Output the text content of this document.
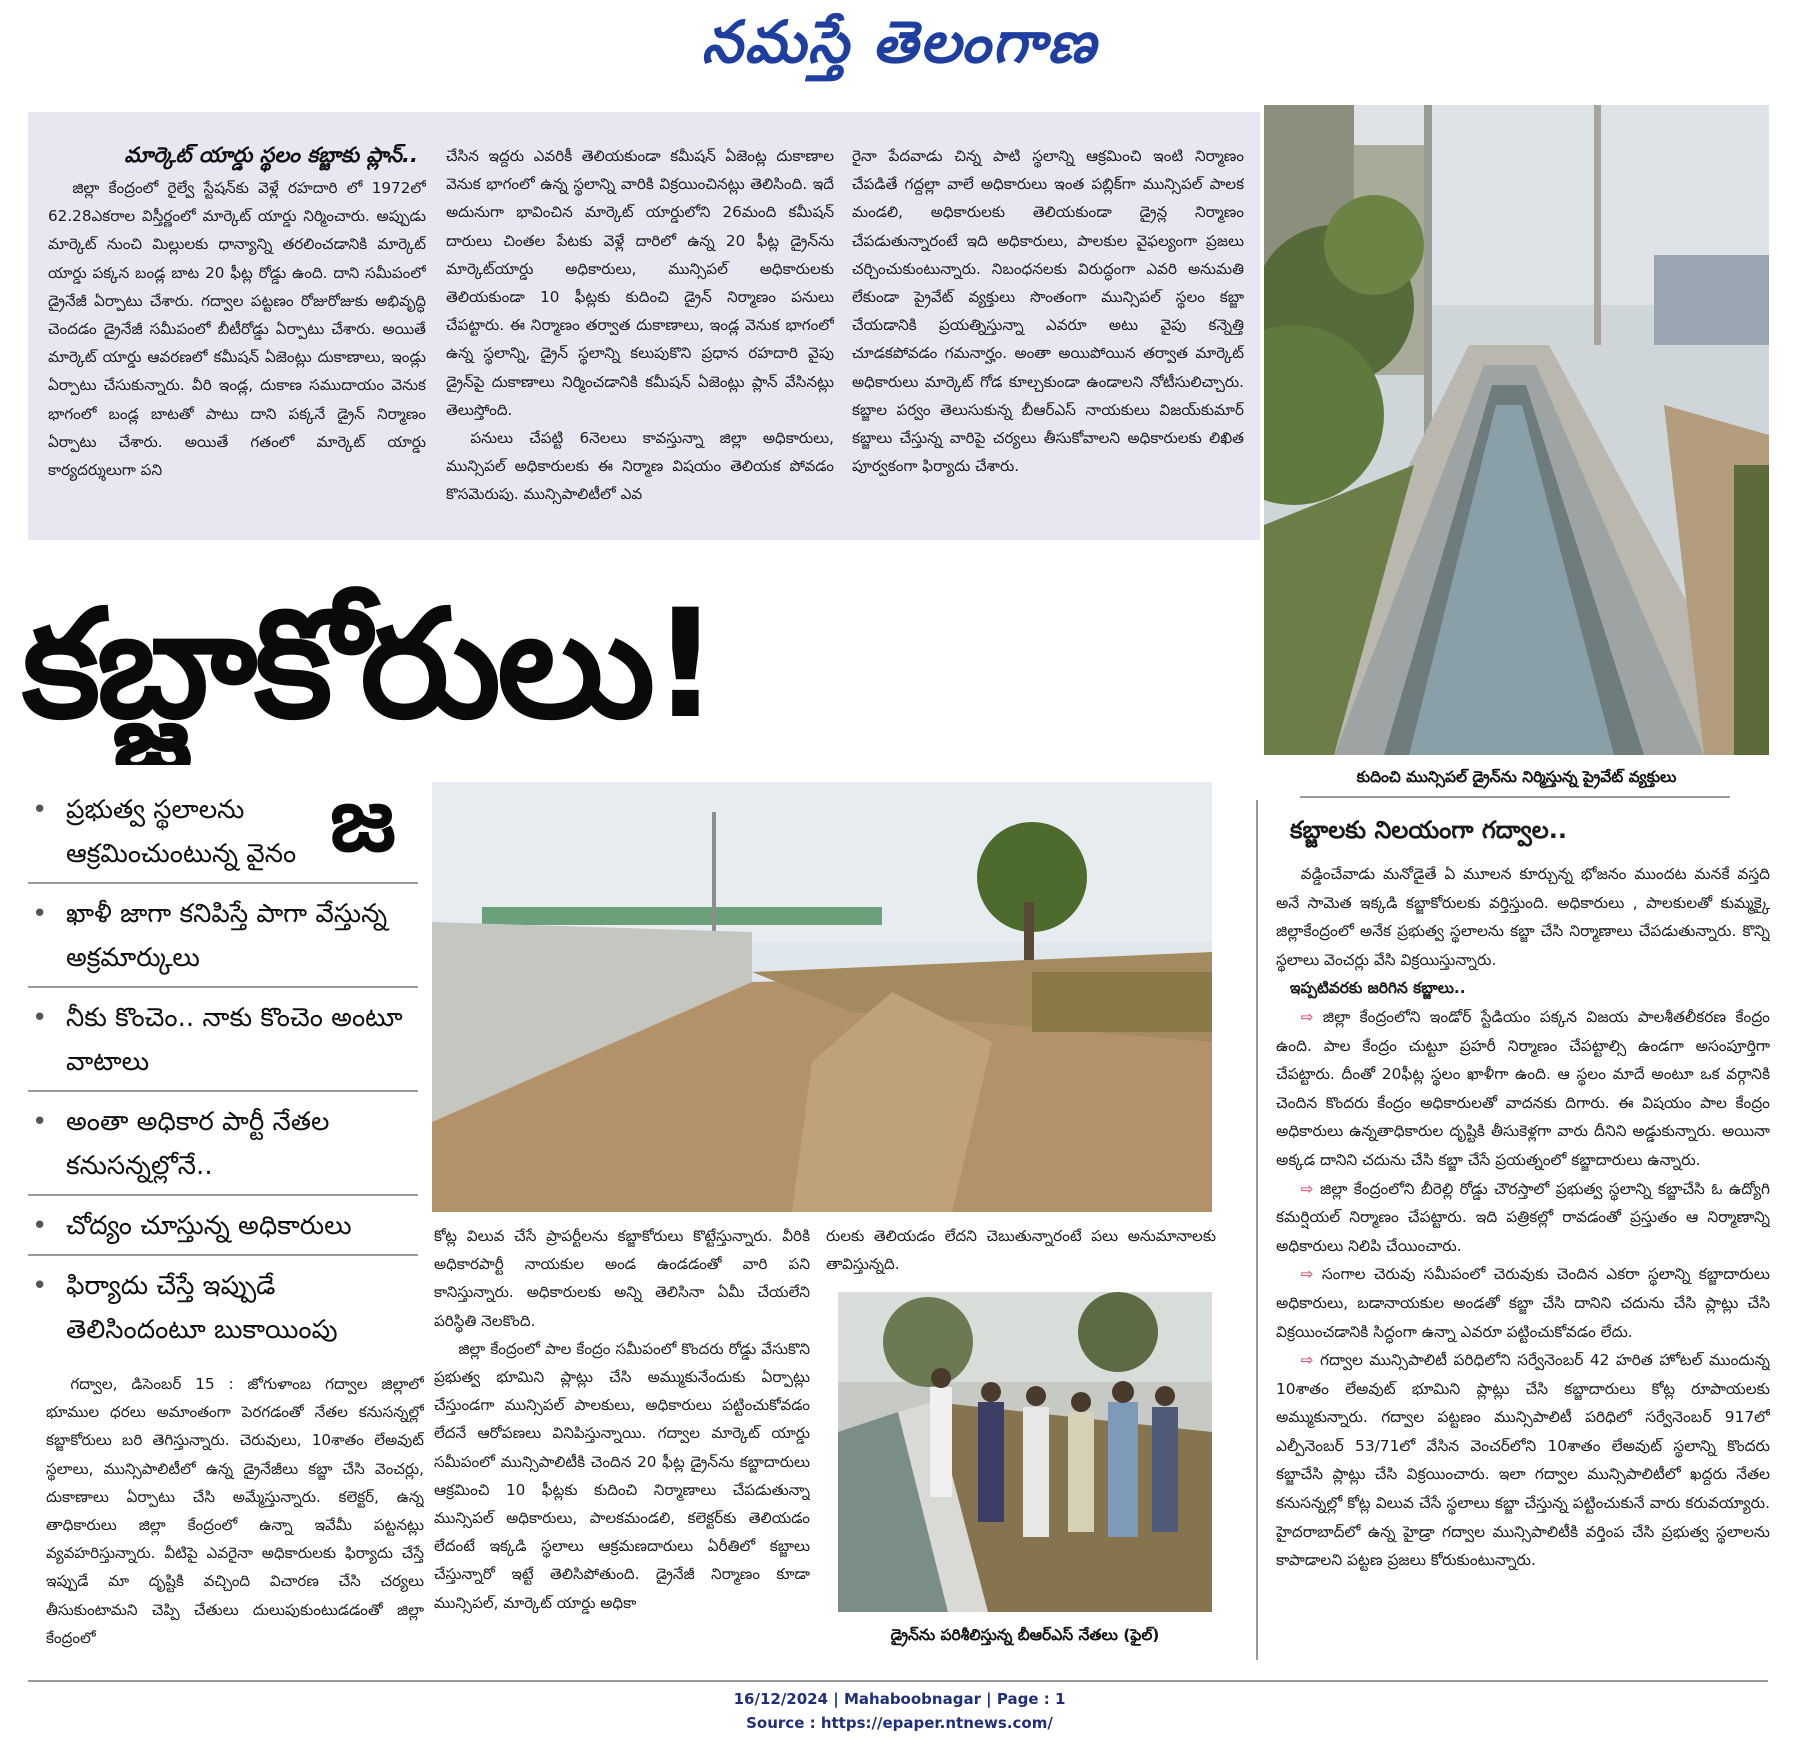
నమస్తే తెలంగాణ
మార్కెట్ యార్డు స్థలం కబ్జాకు ప్లాన్..

జిల్లా కేంద్రంలో రైల్వే స్టేషన్‌కు వెళ్లే రహదారి లో 1972లో 62.28ఎకరాల విస్తీర్ణంలో మార్కెట్ యార్డు నిర్మించారు. అప్పుడు మార్కెట్ నుంచి మిల్లులకు ధాన్యాన్ని తరలించడానికి మార్కెట్ యార్డు పక్కన బండ్ల బాట 20 ఫీట్ల రోడ్డు ఉంది. దాని సమీపంలో డ్రైనేజీ ఏర్పాటు చేశారు. గద్వాల పట్టణం రోజురోజుకు అభివృద్ధి చెందడం డ్రైనేజీ సమీపంలో బీటీరోడ్డు ఏర్పాటు చేశారు. అయితే మార్కెట్ యార్డు ఆవరణలో కమీషన్ ఏజెంట్లు దుకాణాలు, ఇండ్లు ఏర్పాటు చేసుకున్నారు. వీరి ఇండ్ల, దుకాణ సముదాయం వెనుక భాగంలో బండ్ల బాటతో పాటు దాని పక్కనే డ్రైన్ నిర్మాణం ఏర్పాటు చేశారు. అయితే గతంలో మార్కెట్ యార్డు కార్యదర్శులుగా పని

చేసిన ఇద్దరు ఎవరికీ తెలియకుండా కమీషన్ ఏజెంట్ల దుకాణాల వెనుక భాగంలో ఉన్న స్థలాన్ని వారికి విక్రయించినట్లు తెలిసింది. ఇదే అదునుగా భావించిన మార్కెట్ యార్డులోని 26మంది కమీషన్ దారులు చింతల పేటకు వెళ్లే దారిలో ఉన్న 20 ఫీట్ల డ్రైన్‌ను మార్కెట్‌యార్డు అధికారులు, మున్సిపల్ అధికారులకు తెలియకుండా 10 ఫీట్లకు కుదించి డ్రైన్ నిర్మాణం పనులు చేపట్టారు. ఈ నిర్మాణం తర్వాత దుకాణాలు, ఇండ్ల వెనుక భాగంలో ఉన్న స్థలాన్ని, డ్రైన్ స్థలాన్ని కలుపుకొని ప్రధాన రహదారి వైపు డ్రైన్‌పై దుకాణాలు నిర్మించడానికి కమీషన్ ఏజెంట్లు ప్లాన్ వేసినట్లు తెలుస్తోంది.

పనులు చేపట్టి 6నెలలు కావస్తున్నా జిల్లా అధికారులు, మున్సిపల్ అధికారులకు ఈ నిర్మాణ విషయం తెలియక పోవడం కొసమెరుపు. మున్సిపాలిటీలో ఎవ

రైనా పేదవాడు చిన్న పాటి స్థలాన్ని ఆక్రమించి ఇంటి నిర్మాణం చేపడితే గద్దల్లా వాలే అధికారులు ఇంత పబ్లిక్‌గా మున్సిపల్ పాలక మండలి, అధికారులకు తెలియకుండా డ్రైన్ల నిర్మాణం చేపడుతున్నారంటే ఇది అధికారులు, పాలకుల వైఫల్యంగా ప్రజలు చర్చించుకుంటున్నారు. నిబంధనలకు విరుద్ధంగా ఎవరి అనుమతి లేకుండా ప్రైవేట్ వ్యక్తులు సొంతంగా మున్సిపల్ స్థలం కబ్జా చేయడానికి ప్రయత్నిస్తున్నా ఎవరూ అటు వైపు కన్నెత్తి చూడకపోవడం గమనార్హం. అంతా అయిపోయిన తర్వాత మార్కెట్ అధికారులు మార్కెట్ గోడ కూల్చకుండా ఉండాలని నోటీసులిచ్చారు. కబ్జాల పర్వం తెలుసుకున్న బీఆర్‌ఎస్ నాయకులు విజయ్‌కుమార్ కబ్జాలు చేస్తున్న వారిపై చర్యలు తీసుకోవాలని అధికారులకు లిఖిత పూర్వకంగా ఫిర్యాదు చేశారు.

కుదించి మున్సిపల్ డ్రైన్‌ను నిర్మిస్తున్న ప్రైవేట్ వ్యక్తులు
కబ్జాకోరులు!
జ
• ప్రభుత్వ స్థలాలను ఆక్రమించుంటున్న వైనం
• ఖాళీ జాగా కనిపిస్తే పాగా వేస్తున్న అక్రమార్కులు
• నీకు కొంచెం.. నాకు కొంచెం అంటూ వాటాలు
• అంతా అధికార పార్టీ నేతల కనుసన్నల్లోనే..
• చోద్యం చూస్తున్న అధికారులు
• ఫిర్యాదు చేస్తే ఇప్పుడే తెలిసిందంటూ బుకాయింపు

గద్వాల, డిసెంబర్ 15 : జోగుళాంబ గద్వాల జిల్లాలో భూముల ధరలు అమాంతంగా పెరగడంతో నేతల కనుసన్నల్లో కబ్జాకోరులు బరి తెగిస్తున్నారు. చెరువులు, 10శాతం లేఅవుట్ స్థలాలు, మున్సిపాలిటీలో ఉన్న డ్రైనేజీలు కబ్జా చేసి వెంచర్లు, దుకాణాలు ఏర్పాటు చేసి అమ్మేస్తున్నారు. కలెక్టర్, ఉన్న తాధికారులు జిల్లా కేంద్రంలో ఉన్నా ఇవేమీ పట్టనట్లు వ్యవహరిస్తున్నారు. వీటిపై ఎవరైనా అధికారులకు ఫిర్యాదు చేస్తే ఇప్పుడే మా దృష్టికి వచ్చింది విచారణ చేసి చర్యలు తీసుకుంటామని చెప్పి చేతులు దులుపుకుంటుడడంతో జిల్లా కేంద్రంలో

కోట్ల విలువ చేసే ప్రాపర్టీలను కబ్జాకోరులు కొట్టేస్తున్నారు. వీరికి అధికారపార్టీ నాయకుల అండ ఉండడంతో వారి పని కానిస్తున్నారు. అధికారులకు అన్ని తెలిసినా ఏమీ చేయలేని పరిస్థితి నెలకొంది.

జిల్లా కేంద్రంలో పాల కేంద్రం సమీపంలో కొందరు రోడ్డు వేసుకొని ప్రభుత్వ భూమిని ప్లాట్లు చేసి అమ్ముకునేందుకు ఏర్పాట్లు చేస్తుండగా మున్సిపల్ పాలకులు, అధికారులు పట్టించుకోవడం లేదనే ఆరోపణలు వినిపిస్తున్నాయి. గద్వాల మార్కెట్ యార్డు సమీపంలో మున్సిపాలిటీకి చెందిన 20 ఫీట్ల డ్రైన్‌ను కబ్జాదారులు ఆక్రమించి 10 ఫీట్లకు కుదించి నిర్మాణాలు చేపడుతున్నా మున్సిపల్ అధికారులు, పాలకమండలి, కలెక్టర్‌కు తెలియడం లేదంటే ఇక్కడి స్థలాలు ఆక్రమణదారులు ఏరీతిలో కబ్జాలు చేస్తున్నారో ఇట్టే తెలిసిపోతుంది. డ్రైనేజీ నిర్మాణం కూడా మున్సిపల్, మార్కెట్ యార్డు అధికా

రులకు తెలియడం లేదని చెబుతున్నారంటే పలు అనుమానాలకు తావిస్తున్నది.

డ్రైన్‌ను పరిశీలిస్తున్న బీఆర్‌ఎస్ నేతలు (ఫైల్)
కబ్జాలకు నిలయంగా గద్వాల..

వడ్డించేవాడు మనోడైతే ఏ మూలన కూర్చున్న భోజనం ముందట మనకే వస్తది అనే సామెత ఇక్కడి కబ్జాకోరులకు వర్తిస్తుంది. అధికారులు , పాలకులతో కుమ్మక్కై జిల్లాకేంద్రంలో అనేక ప్రభుత్వ స్థలాలను కబ్జా చేసి నిర్మాణాలు చేపడుతున్నారు. కొన్ని స్థలాలు వెంచర్లు వేసి విక్రయిస్తున్నారు.

ఇప్పటివరకు జరిగిన కబ్జాలు..

⇨ జిల్లా కేంద్రంలోని ఇండోర్ స్టేడియం పక్కన విజయ పాలశీతలీకరణ కేంద్రం ఉంది. పాల కేంద్రం చుట్టూ ప్రహరీ నిర్మాణం చేపట్టాల్సి ఉండగా అసంపూర్తిగా చేపట్టారు. దీంతో 20ఫీట్ల స్థలం ఖాళీగా ఉంది. ఆ స్థలం మాదే అంటూ ఒక వర్గానికి చెందిన కొందరు కేంద్రం అధికారులతో వాదనకు దిగారు. ఈ విషయం పాల కేంద్రం అధికారులు ఉన్నతాధికారుల దృష్టికి తీసుకెళ్లగా వారు దీనిని అడ్డుకున్నారు. అయినా అక్కడ దానిని చదును చేసి కబ్జా చేసే ప్రయత్నంలో కబ్జాదారులు ఉన్నారు.

⇨ జిల్లా కేంద్రంలోని బీరెల్లి రోడ్డు చౌరస్తాలో ప్రభుత్వ స్థలాన్ని కబ్జాచేసి ఓ ఉద్యోగి కమర్షియల్ నిర్మాణం చేపట్టారు. ఇది పత్రికల్లో రావడంతో ప్రస్తుతం ఆ నిర్మాణాన్ని అధికారులు నిలిపి చేయించారు.

⇨ సంగాల చెరువు సమీపంలో చెరువుకు చెందిన ఎకరా స్థలాన్ని కబ్జాదారులు అధికారులు, బడానాయకుల అండతో కబ్జా చేసి దానిని చదును చేసి ప్లాట్లు చేసి విక్రయించడానికి సిద్ధంగా ఉన్నా ఎవరూ పట్టించుకోవడం లేదు.

⇨ గద్వాల మున్సిపాలిటీ పరిధిలోని సర్వేనెంబర్ 42 హరిత హోటల్ ముందున్న 10శాతం లేఅవుట్ భూమిని ప్లాట్లు చేసి కబ్జాదారులు కోట్ల రూపాయలకు అమ్ముకున్నారు. గద్వాల పట్టణం మున్సిపాలిటీ పరిధిలో సర్వేనెంబర్ 917లో ఎల్పీనెంబర్ 53/71లో వేసిన వెంచర్‌లోని 10శాతం లేఅవుట్ స్థలాన్ని కొందరు కబ్జాచేసి ప్లాట్లు చేసి విక్రయించారు. ఇలా గద్వాల మున్సిపాలిటీలో ఖద్దరు నేతల కనుసన్నల్లో కోట్ల విలువ చేసే స్థలాలు కబ్జా చేస్తున్న పట్టించుకునే వారు కరువయ్యారు. హైదరాబాద్‌లో ఉన్న హైడ్రా గద్వాల మున్సిపాలిటీకి వర్తింప చేసి ప్రభుత్వ స్థలాలను కాపాడాలని పట్టణ ప్రజలు కోరుకుంటున్నారు.

16/12/2024 | Mahaboobnagar | Page : 1
Source : https://epaper.ntnews.com/
